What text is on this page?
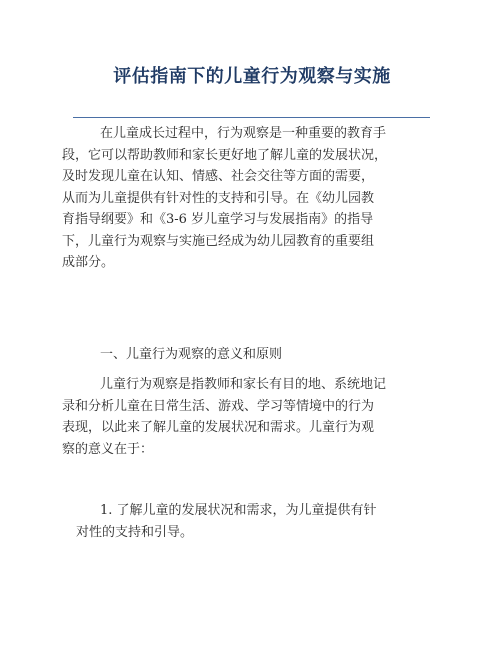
评估指南下的儿童行为观察与实施
在儿童成长过程中，行为观察是一种重要的教育手
段，它可以帮助教师和家长更好地了解儿童的发展状况，
及时发现儿童在认知、情感、社会交往等方面的需要，
从而为儿童提供有针对性的支持和引导。在《幼儿园教
育指导纲要》和《3-6 岁儿童学习与发展指南》的指导
下，儿童行为观察与实施已经成为幼儿园教育的重要组
成部分。
一、儿童行为观察的意义和原则
儿童行为观察是指教师和家长有目的地、系统地记
录和分析儿童在日常生活、游戏、学习等情境中的行为
表现，以此来了解儿童的发展状况和需求。儿童行为观
察的意义在于：
1. 了解儿童的发展状况和需求，为儿童提供有针
对性的支持和引导。
